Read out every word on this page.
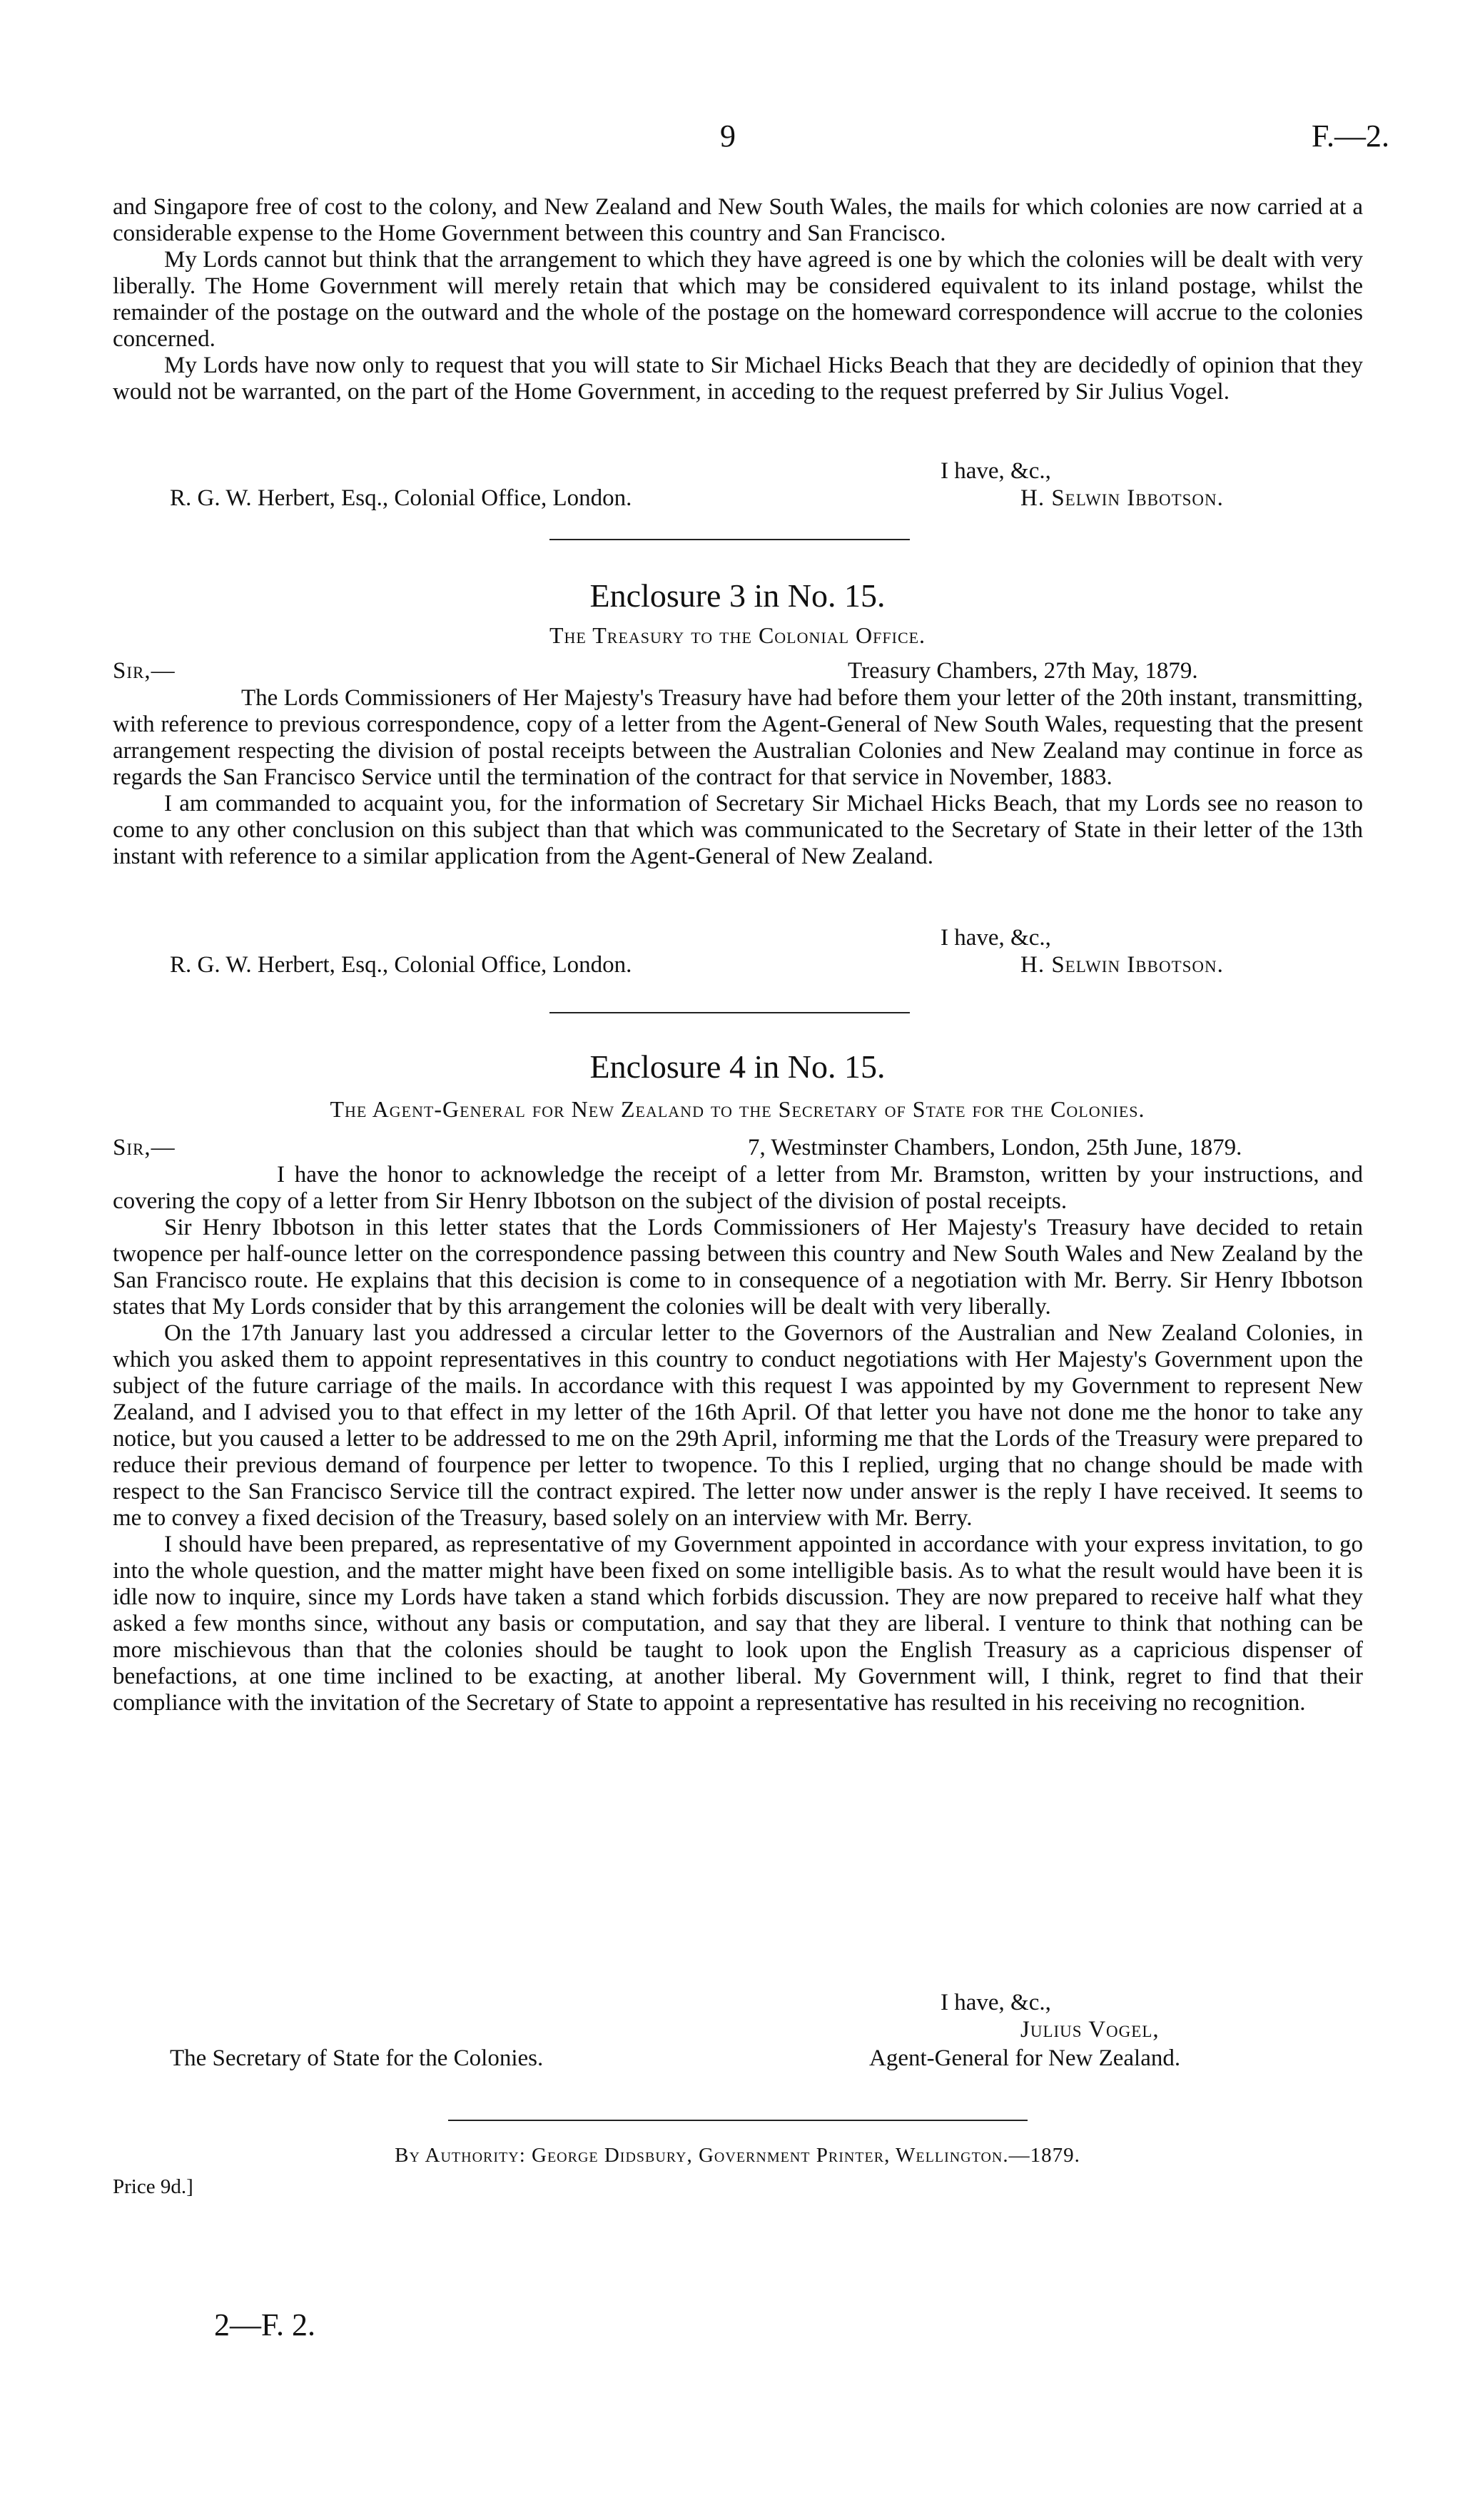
9	F.—2.

and Singapore free of cost to the colony, and New Zealand and New South Wales, the mails for which colonies are now carried at a considerable expense to the Home Government between this country and San Francisco.

My Lords cannot but think that the arrangement to which they have agreed is one by which the colonies will be dealt with very liberally. The Home Government will merely retain that which may be considered equivalent to its inland postage, whilst the remainder of the postage on the outward and the whole of the postage on the homeward correspondence will accrue to the colonies concerned.

My Lords have now only to request that you will state to Sir Michael Hicks Beach that they are decidedly of opinion that they would not be warranted, on the part of the Home Government, in acceding to the request preferred by Sir Julius Vogel.

I have, &c.,
R. G. W. Herbert, Esq., Colonial Office, London.	H. Selwin Ibbotson.
Enclosure 3 in No. 15.
The Treasury to the Colonial Office.
Sir,—	Treasury Chambers, 27th May, 1879.

The Lords Commissioners of Her Majesty's Treasury have had before them your letter of the 20th instant, transmitting, with reference to previous correspondence, copy of a letter from the Agent-General of New South Wales, requesting that the present arrangement respecting the division of postal receipts between the Australian Colonies and New Zealand may continue in force as regards the San Francisco Service until the termination of the contract for that service in November, 1883.

I am commanded to acquaint you, for the information of Secretary Sir Michael Hicks Beach, that my Lords see no reason to come to any other conclusion on this subject than that which was communicated to the Secretary of State in their letter of the 13th instant with reference to a similar application from the Agent-General of New Zealand.

I have, &c.,
R. G. W. Herbert, Esq., Colonial Office, London.	H. Selwin Ibbotson.
Enclosure 4 in No. 15.
The Agent-General for New Zealand to the Secretary of State for the Colonies.
Sir,—	7, Westminster Chambers, London, 25th June, 1879.

I have the honor to acknowledge the receipt of a letter from Mr. Bramston, written by your instructions, and covering the copy of a letter from Sir Henry Ibbotson on the subject of the division of postal receipts.

Sir Henry Ibbotson in this letter states that the Lords Commissioners of Her Majesty's Treasury have decided to retain twopence per half-ounce letter on the correspondence passing between this country and New South Wales and New Zealand by the San Francisco route. He explains that this decision is come to in consequence of a negotiation with Mr. Berry. Sir Henry Ibbotson states that My Lords consider that by this arrangement the colonies will be dealt with very liberally.

On the 17th January last you addressed a circular letter to the Governors of the Australian and New Zealand Colonies, in which you asked them to appoint representatives in this country to conduct negotiations with Her Majesty's Government upon the subject of the future carriage of the mails. In accordance with this request I was appointed by my Government to represent New Zealand, and I advised you to that effect in my letter of the 16th April. Of that letter you have not done me the honor to take any notice, but you caused a letter to be addressed to me on the 29th April, informing me that the Lords of the Treasury were prepared to reduce their previous demand of fourpence per letter to twopence. To this I replied, urging that no change should be made with respect to the San Francisco Service till the contract expired. The letter now under answer is the reply I have received. It seems to me to convey a fixed decision of the Treasury, based solely on an interview with Mr. Berry.

I should have been prepared, as representative of my Government appointed in accordance with your express invitation, to go into the whole question, and the matter might have been fixed on some intelligible basis. As to what the result would have been it is idle now to inquire, since my Lords have taken a stand which forbids discussion. They are now prepared to receive half what they asked a few months since, without any basis or computation, and say that they are liberal. I venture to think that nothing can be more mischievous than that the colonies should be taught to look upon the English Treasury as a capricious dispenser of benefactions, at one time inclined to be exacting, at another liberal. My Government will, I think, regret to find that their compliance with the invitation of the Secretary of State to appoint a representative has resulted in his receiving no recognition.

I have, &c.,
Julius Vogel,
The Secretary of State for the Colonies.	Agent-General for New Zealand.
By Authority: George Didsbury, Government Printer, Wellington.—1879.
Price 9d.]
2—F. 2.
